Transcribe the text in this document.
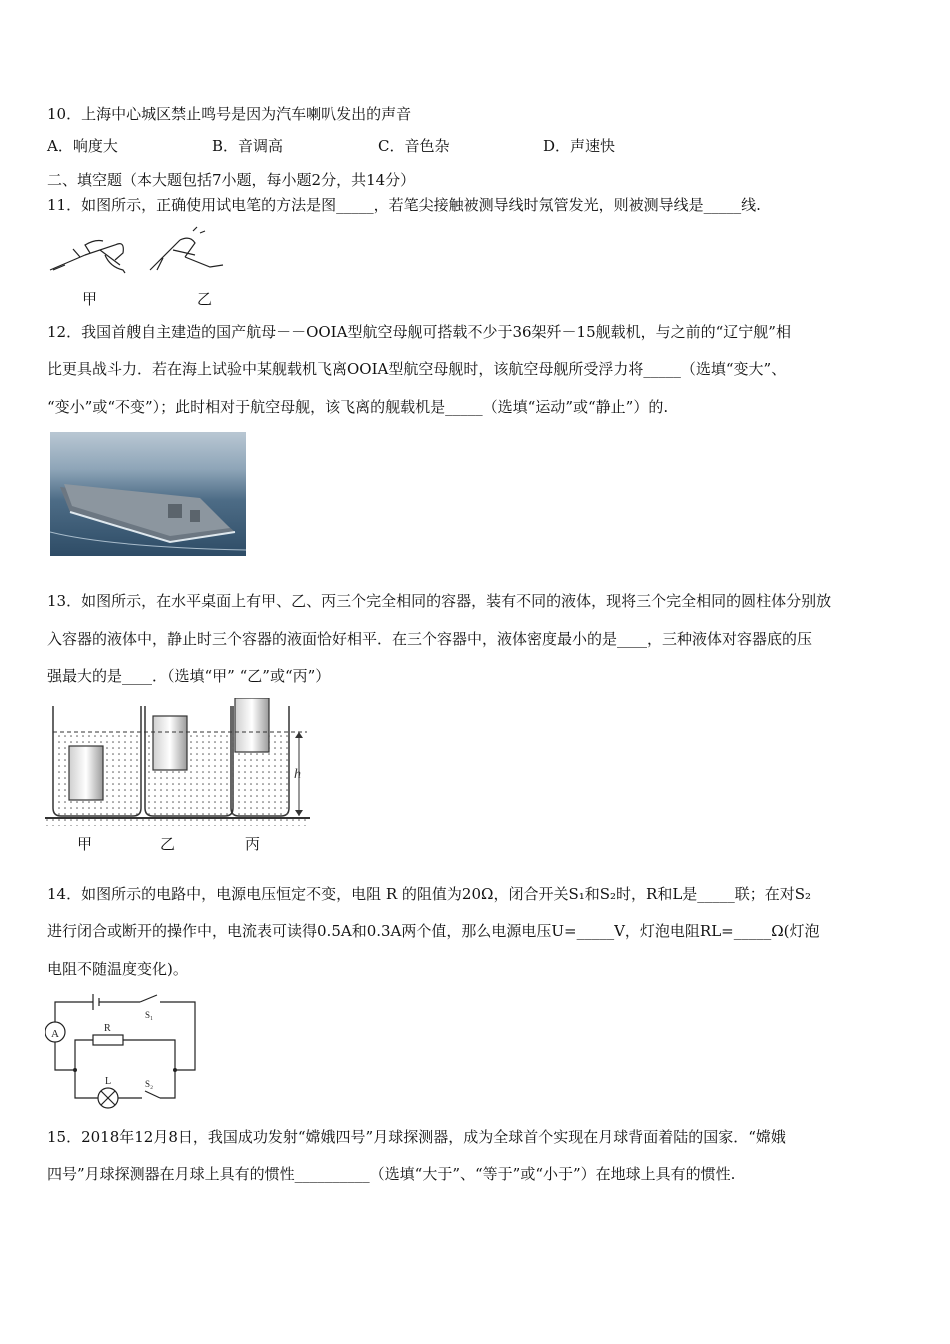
10．上海中心城区禁止鸣号是因为汽车喇叭发出的声音
A．响度大	B．音调高	C．音色杂	D．声速快
二、填空题（本大题包括7小题，每小题2分，共14分）
11．如图所示，正确使用试电笔的方法是图_____，若笔尖接触被测导线时氖管发光，则被测导线是_____线.
甲	乙
12．我国首艘自主建造的国产航母－－OOIA型航空母舰可搭载不少于36架歼－15舰载机，与之前的“辽宁舰”相
比更具战斗力．若在海上试验中某舰载机飞离OOIA型航空母舰时，该航空母舰所受浮力将_____（选填“变大”、
“变小”或“不变”）；此时相对于航空母舰，该飞离的舰载机是_____（选填“运动”或“静止”）的.
13．如图所示，在水平桌面上有甲、乙、丙三个完全相同的容器，装有不同的液体，现将三个完全相同的圆柱体分别放
入容器的液体中，静止时三个容器的液面恰好相平．在三个容器中，液体密度最小的是____，三种液体对容器底的压
强最大的是____．（选填“甲” “乙”或“丙”）
h
甲	乙	丙
14．如图所示的电路中，电源电压恒定不变，电阻 R 的阻值为20Ω，闭合开关S₁和S₂时，R和L是_____联；在对S₂
进行闭合或断开的操作中，电流表可读得0.5A和0.3A两个值，那么电源电压U=_____V，灯泡电阻RL=_____Ω(灯泡
电阻不随温度变化)。
A	R
L
S₁
S₂
15．2018年12月8日，我国成功发射“嫦娥四号”月球探测器，成为全球首个实现在月球背面着陆的国家．“嫦娥
四号”月球探测器在月球上具有的惯性__________（选填“大于”、“等于”或“小于”）在地球上具有的惯性.
